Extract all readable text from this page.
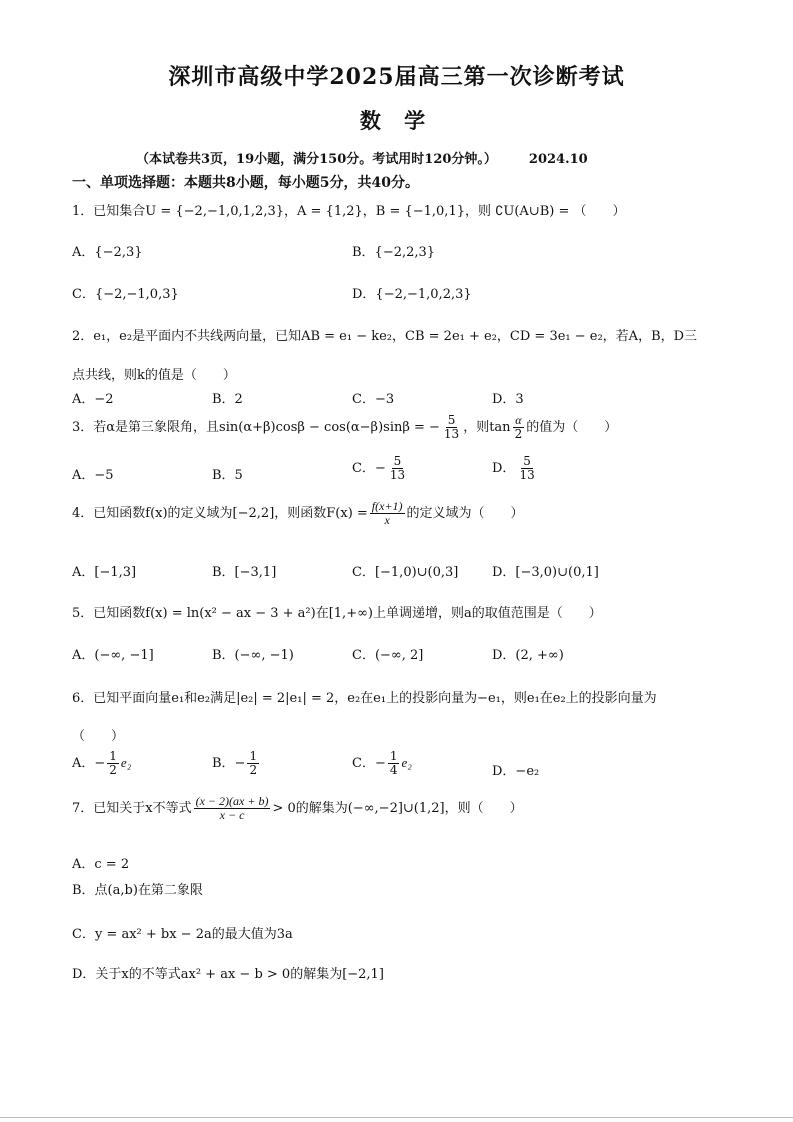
深圳市高级中学2025届高三第一次诊断考试
数 学
（本试卷共3页，19小题，满分150分。考试用时120分钟。） 2024.10
一、单项选择题：本题共8小题，每小题5分，共40分。
1．已知集合U = {−2,−1,0,1,2,3}，A = {1,2}，B = {−1,0,1}，则 ∁U(A∪B) = （　　）
A．{−2,3}	B．{−2,2,3}
C．{−2,−1,0,3}	D．{−2,−1,0,2,3}
2．e₁，e₂是平面内不共线两向量，已知AB = e₁ − ke₂，CB = 2e₁ + e₂，CD = 3e₁ − e₂，若A，B，D三
点共线，则k的值是（　　）
A．−2	B．2	C．−3	D．3
3．若α是第三象限角，且sin(α+β)cosβ − cos(α−β)sinβ = − $\frac{5}{13}$ ，则$\tan \frac{\alpha}{2}$ 的值为（　　）
A．−5	B．5	C．− $\frac{5}{13}$	D． $\frac{5}{13}$
4．已知函数f(x)的定义域为[−2,2]，则函数$F(x) = \frac{f(x+1)}{x}$ 的定义域为（　　）
A．[−1,3]	B．[−3,1]	C．[−1,0)∪(0,3]	D．[−3,0)∪(0,1]
5．已知函数f(x) = ln(x² − ax − 3 + a²)在[1,+∞)上单调递增，则a的取值范围是（　　）
A．(−∞, −1]	B．(−∞, −1)	C．(−∞, 2]	D．(2, +∞)
6．已知平面向量e₁和e₂满足|e₂| = 2|e₁| = 2，e₂在e₁上的投影向量为−e₁，则e₁在e₂上的投影向量为
（　　）
A．− $\frac{1}{2} e_2$	B．− $\frac{1}{2}$	C．− $\frac{1}{4} e_2$
D．−e₂
7．已知关于x不等式 $\frac{(x - 2)(ax + b)}{x - c} > 0$的解集为(−∞,−2]∪(1,2]，则（　　）
A．c = 2
B．点(a,b)在第二象限
C．y = ax² + bx − 2a的最大值为3a
D．关于x的不等式ax² + ax − b > 0的解集为[−2,1]
